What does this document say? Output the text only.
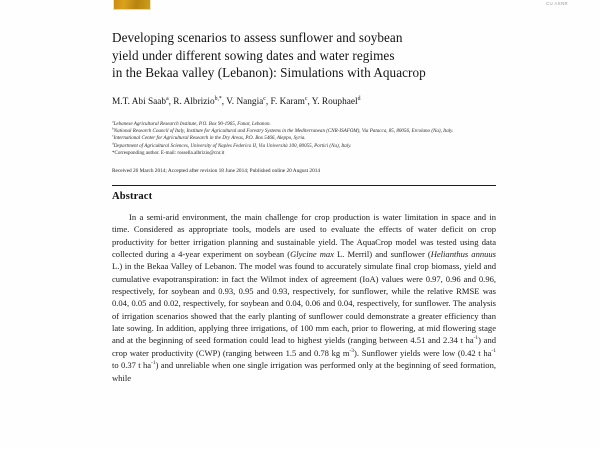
CU ASNR
Developing scenarios to assess sunflower and soybean
yield under different sowing dates and water regimes
in the Bekaa valley (Lebanon): Simulations with Aquacrop

M.T. Abi Saab$^a$, R. Albrizio$^{b,*}$, V. Nangia$^c$, F. Karam$^c$, Y. Rouphael$^d$

$^a$Lebanese Agricultural Research Institute, P.O. Box 90-1965, Fanar, Lebanon.
$^b$National Research Council of Italy, Institute for Agricultural and Forestry Systems in the Mediterranean (CNR-ISAFOM), Via Patacca, 85, 80056, Ercolano (Na), Italy.
$^c$International Center for Agricultural Research in the Dry Areas, P.O. Box 5466, Aleppo, Syria.
$^d$Department of Agricultural Sciences, University of Naples Federico II, Via Università 100, 80055, Portici (Na), Italy.
*Corresponding author. E-mail: rossella.albrizio@cnr.it

Received 26 March 2014; Accepted after revision 18 June 2014; Published online 20 August 2014

Abstract

In a semi-arid environment, the main challenge for crop production is water limitation in space and in time. Considered as appropriate tools, models are used to evaluate the effects of water deficit on crop productivity for better irrigation planning and sustainable yield. The AquaCrop model was tested using data collected during a 4-year experiment on soybean (Glycine max L. Merril) and sunflower (Helianthus annuus L.) in the Bekaa Valley of Lebanon. The model was found to accurately simulate final crop biomass, yield and cumulative evapotranspiration: in fact the Wilmot index of agreement (IoA) values were 0.97, 0.96 and 0.96, respectively, for soybean and 0.93, 0.95 and 0.93, respectively, for sunflower, while the relative RMSE was 0.04, 0.05 and 0.02, respectively, for soybean and 0.04, 0.06 and 0.04, respectively, for sunflower. The analysis of irrigation scenarios showed that the early planting of sunflower could demonstrate a greater efficiency than late sowing. In addition, applying three irrigations, of 100 mm each, prior to flowering, at mid flowering stage and at the beginning of seed formation could lead to highest yields (ranging between 4.51 and 2.34 t $ha^{-1}$) and crop water productivity (CWP) (ranging between 1.5 and 0.78 kg $m^{-3}$). Sunflower yields were low (0.42 t $ha^{-1}$ to 0.37 t $ha^{-1}$) and unreliable when one single irrigation was performed only at the beginning of seed formation, while
